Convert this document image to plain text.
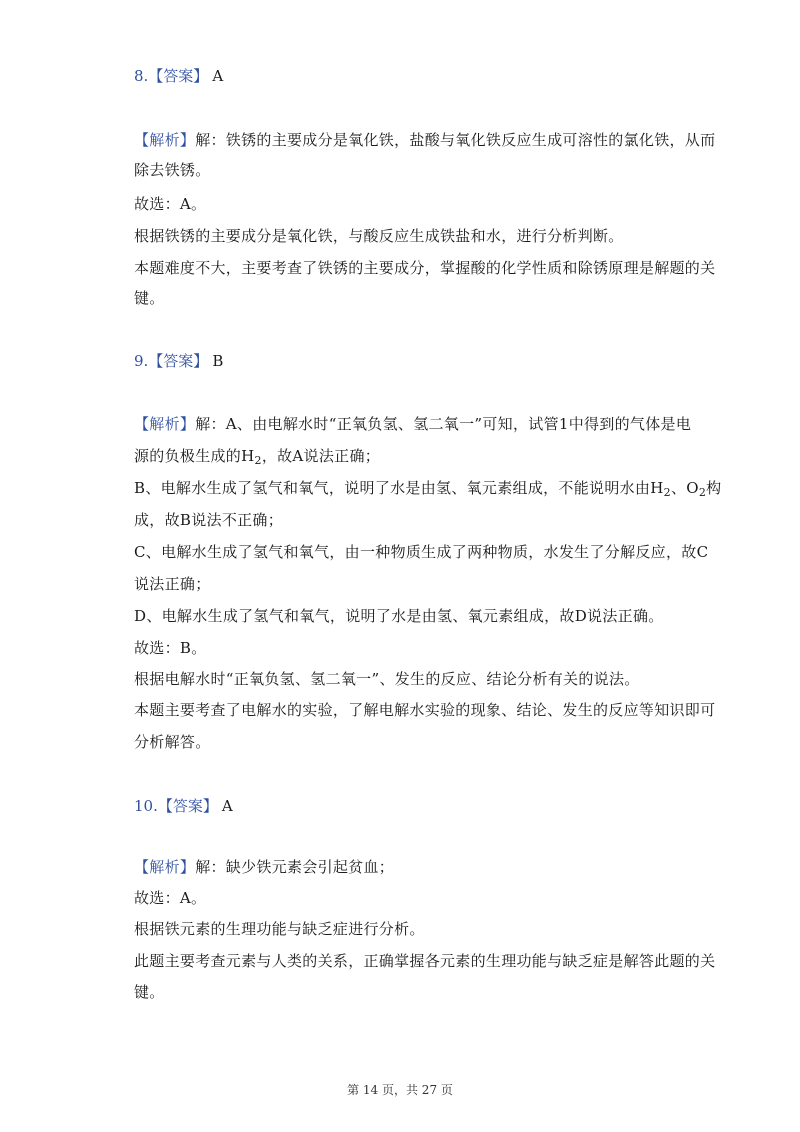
8.【答案】 A
【解析】解：铁锈的主要成分是氧化铁，盐酸与氧化铁反应生成可溶性的氯化铁，从而
除去铁锈。
故选：A。
根据铁锈的主要成分是氧化铁，与酸反应生成铁盐和水，进行分析判断。
本题难度不大，主要考查了铁锈的主要成分，掌握酸的化学性质和除锈原理是解题的关
键。
9.【答案】 B
【解析】解：A、由电解水时“正氧负氢、氢二氧一”可知，试管1中得到的气体是电
源的负极生成的$H_2$，故A说法正确；
B、电解水生成了氢气和氧气，说明了水是由氢、氧元素组成，不能说明水由$H_2$、$O_2$构
成，故B说法不正确；
C、电解水生成了氢气和氧气，由一种物质生成了两种物质，水发生了分解反应，故C
说法正确；
D、电解水生成了氢气和氧气，说明了水是由氢、氧元素组成，故D说法正确。
故选：B。
根据电解水时“正氧负氢、氢二氧一”、发生的反应、结论分析有关的说法。
本题主要考查了电解水的实验，了解电解水实验的现象、结论、发生的反应等知识即可
分析解答。
10.【答案】 A
【解析】解：缺少铁元素会引起贫血；
故选：A。
根据铁元素的生理功能与缺乏症进行分析。
此题主要考查元素与人类的关系，正确掌握各元素的生理功能与缺乏症是解答此题的关
键。
第 14 页，共 27 页
